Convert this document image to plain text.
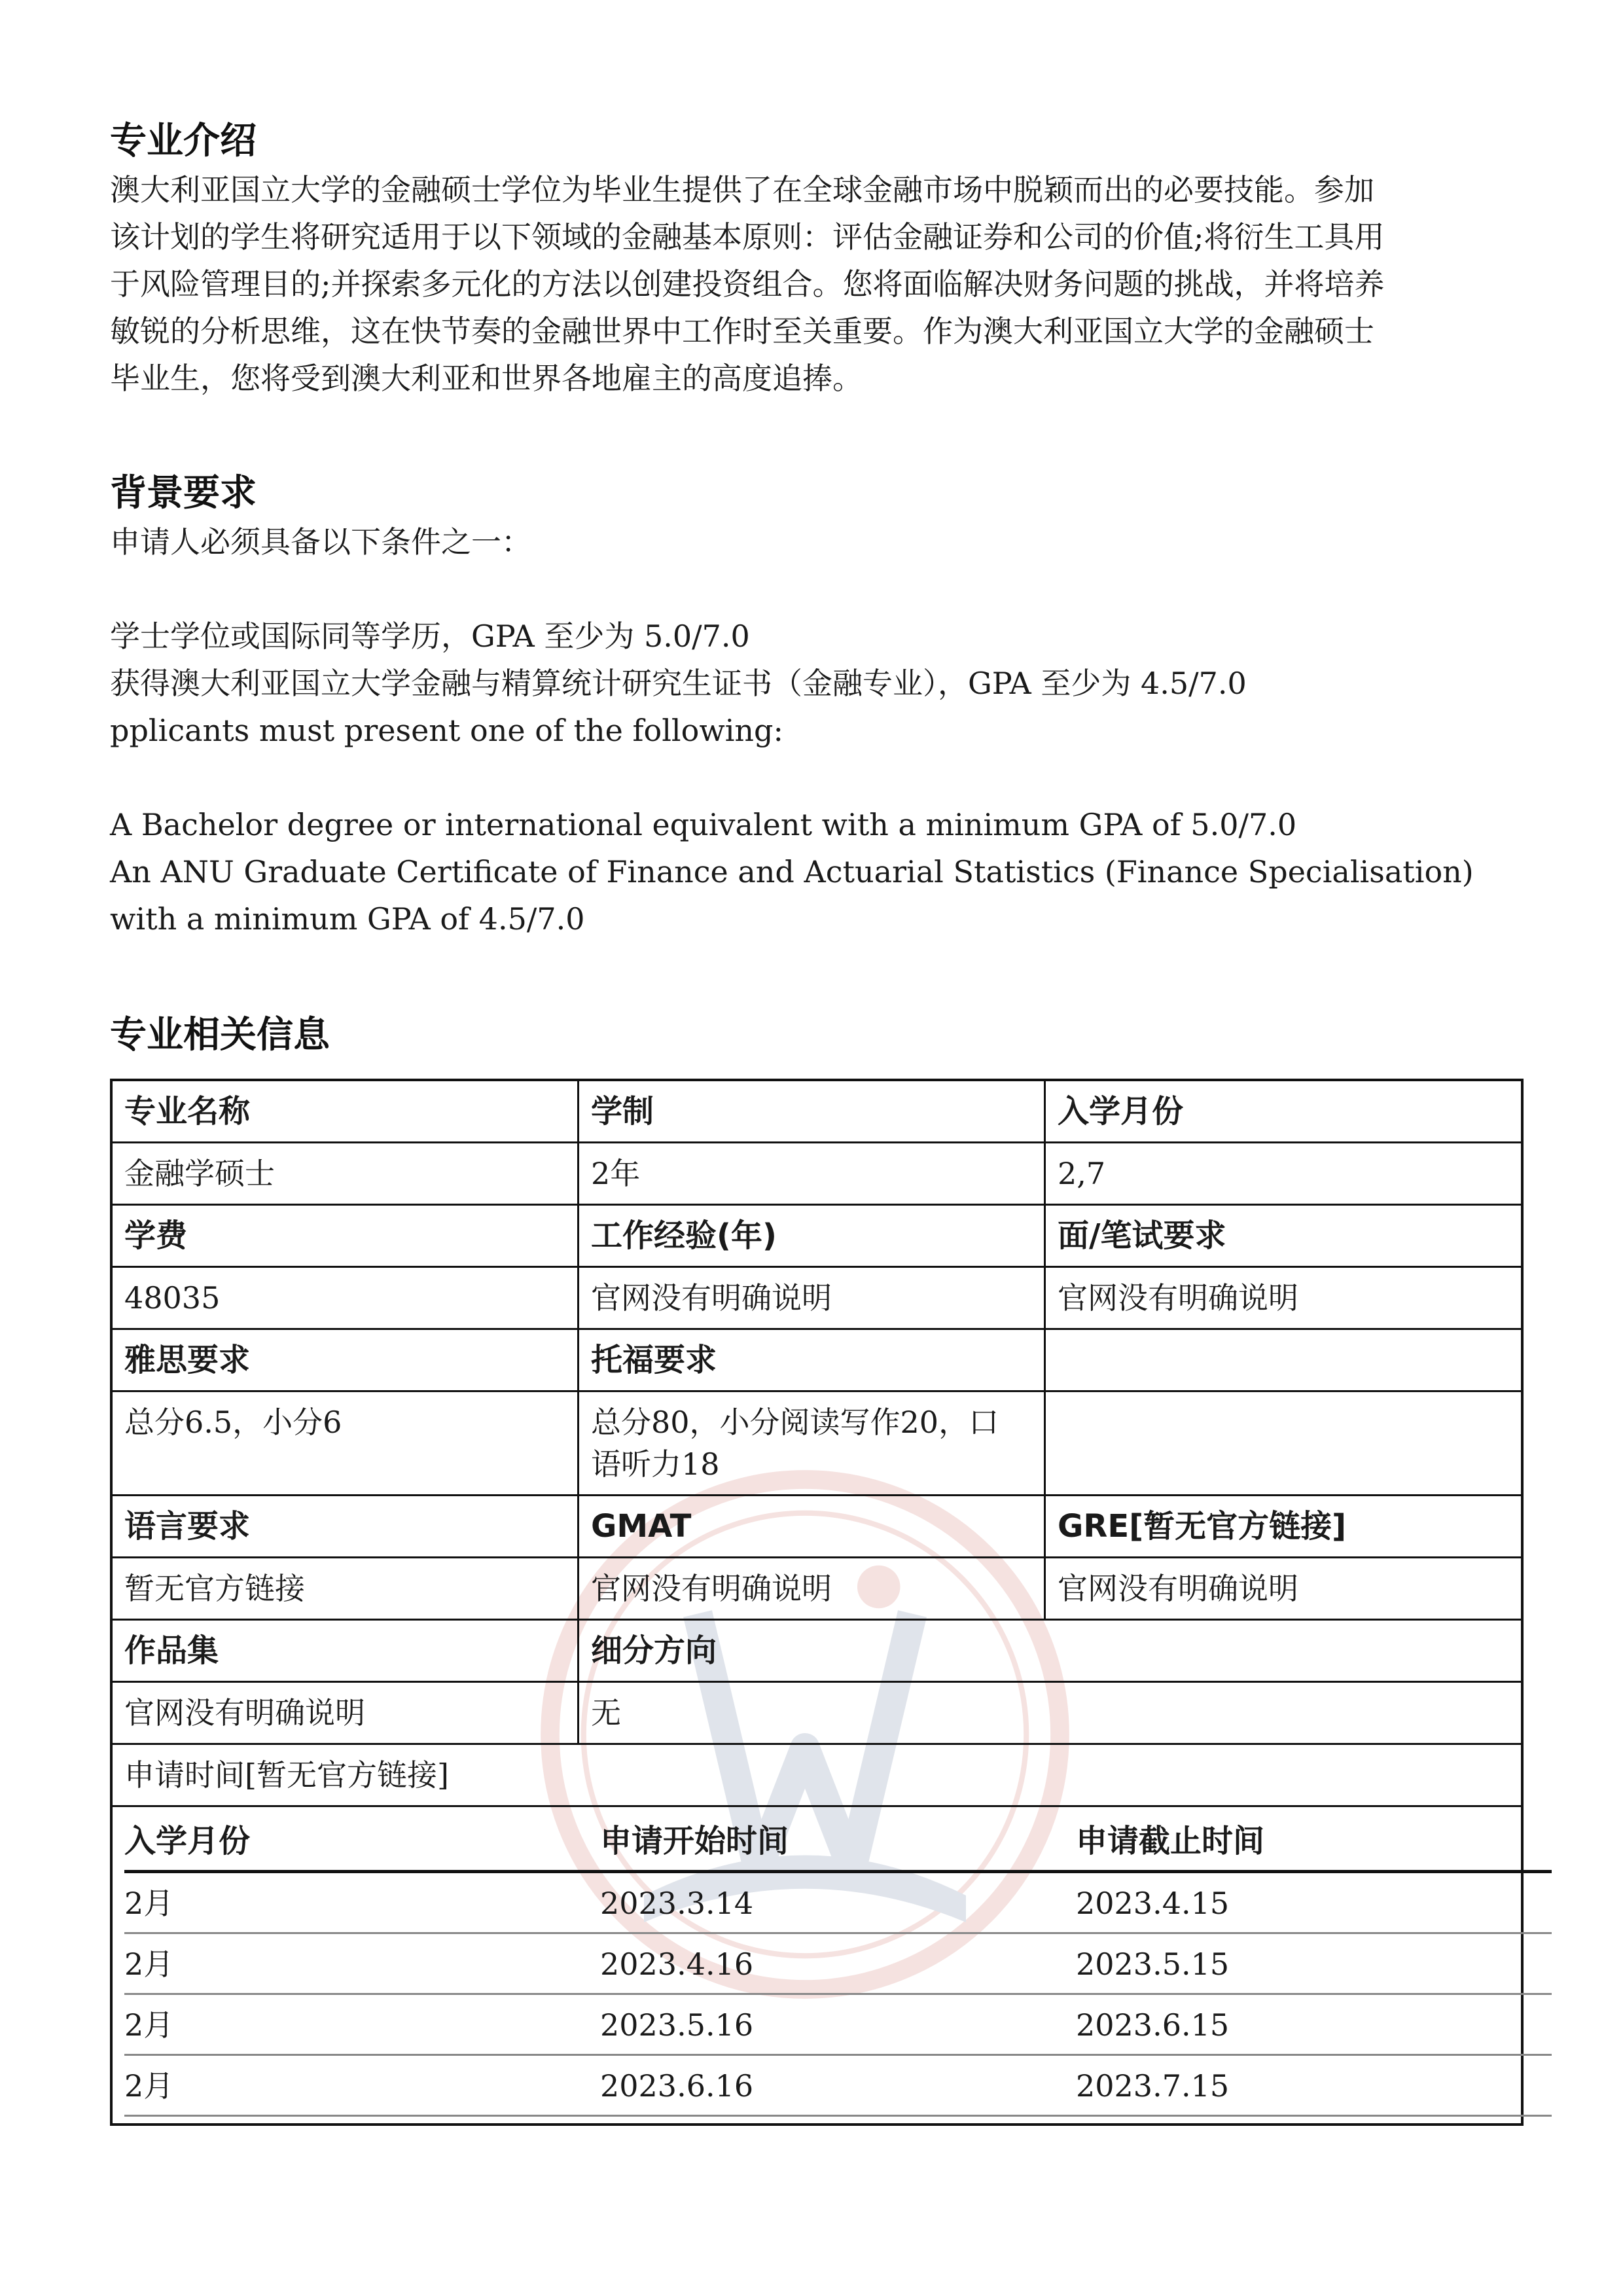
专业介绍
澳大利亚国立大学的金融硕士学位为毕业生提供了在全球金融市场中脱颖而出的必要技能。参加
该计划的学生将研究适用于以下领域的金融基本原则：评估金融证券和公司的价值;将衍生工具用
于风险管理目的;并探索多元化的方法以创建投资组合。您将面临解决财务问题的挑战，并将培养
敏锐的分析思维，这在快节奏的金融世界中工作时至关重要。作为澳大利亚国立大学的金融硕士
毕业生，您将受到澳大利亚和世界各地雇主的高度追捧。
背景要求
申请人必须具备以下条件之一：
学士学位或国际同等学历，GPA 至少为 5.0/7.0
获得澳大利亚国立大学金融与精算统计研究生证书（金融专业），GPA 至少为 4.5/7.0
pplicants must present one of the following:
A Bachelor degree or international equivalent with a minimum GPA of 5.0/7.0
An ANU Graduate Certificate of Finance and Actuarial Statistics (Finance Specialisation)
with a minimum GPA of 4.5/7.0
专业相关信息
专业名称	学制	入学月份
金融学硕士	2年	2,7
学费	工作经验(年)	面/笔试要求
48035	官网没有明确说明	官网没有明确说明
雅思要求	托福要求
总分6.5，小分6	总分80，小分阅读写作20，口
语听力18
语言要求	GMAT	GRE[暂无官方链接]
暂无官方链接	官网没有明确说明	官网没有明确说明
作品集	细分方向
官网没有明确说明	无
申请时间[暂无官方链接]
入学月份	申请开始时间	申请截止时间
2月	2023.3.14	2023.4.15
2月	2023.4.16	2023.5.15
2月	2023.5.16	2023.6.15
2月	2023.6.16	2023.7.15
